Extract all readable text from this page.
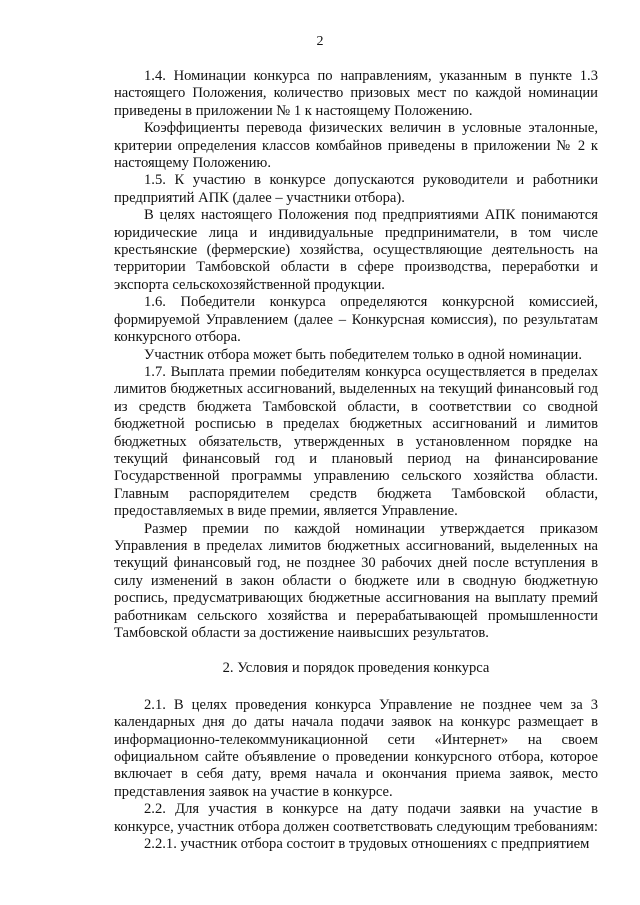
2

1.4. Номинации конкурса по направлениям, указанным в пункте 1.3 настоящего Положения, количество призовых мест по каждой номинации приведены в приложении № 1 к настоящему Положению.

Коэффициенты перевода физических величин в условные эталонные, критерии определения классов комбайнов приведены в приложении № 2 к настоящему Положению.

1.5. К участию в конкурсе допускаются руководители и работники предприятий АПК (далее – участники отбора).

В целях настоящего Положения под предприятиями АПК понимаются юридические лица и индивидуальные предприниматели, в том числе крестьянские (фермерские) хозяйства, осуществляющие деятельность на территории Тамбовской области в сфере производства, переработки и экспорта сельскохозяйственной продукции.

1.6. Победители конкурса определяются конкурсной комиссией, формируемой Управлением (далее – Конкурсная комиссия), по результатам конкурсного отбора.

Участник отбора может быть победителем только в одной номинации.

1.7. Выплата премии победителям конкурса осуществляется в пределах лимитов бюджетных ассигнований, выделенных на текущий финансовый год из средств бюджета Тамбовской области, в соответствии со сводной бюджетной росписью в пределах бюджетных ассигнований и лимитов бюджетных обязательств, утвержденных в установленном порядке на текущий финансовый год и плановый период на финансирование Государственной программы управлению сельского хозяйства области. Главным распорядителем средств бюджета Тамбовской области, предоставляемых в виде премии, является Управление.

Размер премии по каждой номинации утверждается приказом Управления в пределах лимитов бюджетных ассигнований, выделенных на текущий финансовый год, не позднее 30 рабочих дней после вступления в силу изменений в закон области о бюджете или в сводную бюджетную роспись, предусматривающих бюджетные ассигнования на выплату премий работникам сельского хозяйства и перерабатывающей промышленности Тамбовской области за достижение наивысших результатов.

2. Условия и порядок проведения конкурса

2.1. В целях проведения конкурса Управление не позднее чем за 3 календарных дня до даты начала подачи заявок на конкурс размещает в информационно-телекоммуникационной сети «Интернет» на своем официальном сайте объявление о проведении конкурсного отбора, которое включает в себя дату, время начала и окончания приема заявок, место представления заявок на участие в конкурсе.

2.2. Для участия в конкурсе на дату подачи заявки на участие в конкурсе, участник отбора должен соответствовать следующим требованиям:

2.2.1. участник отбора состоит в трудовых отношениях с предприятием
